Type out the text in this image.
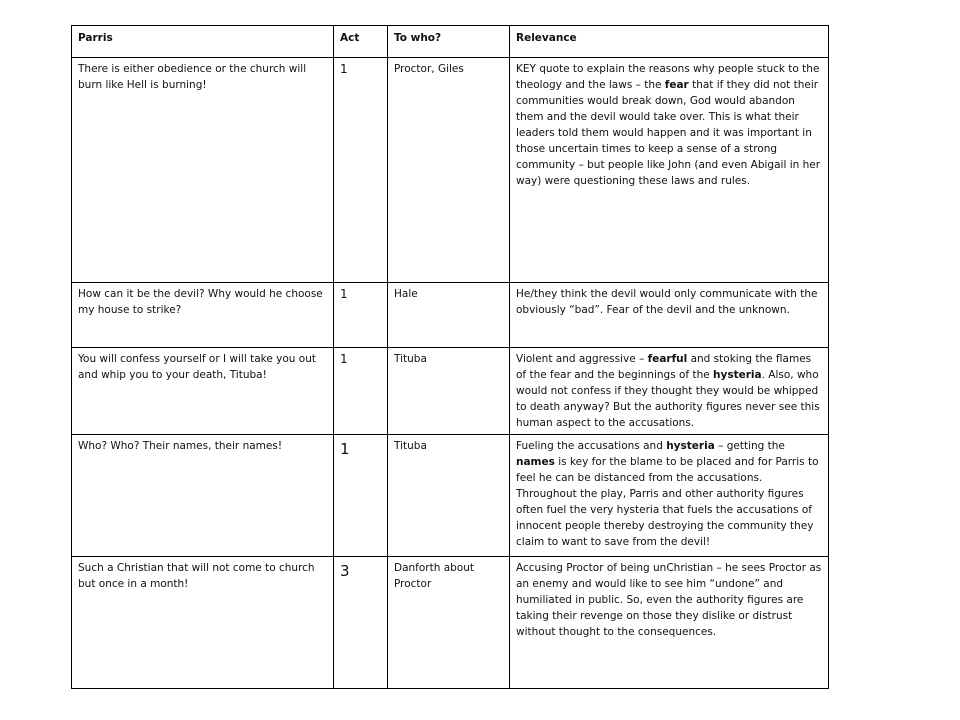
Parris	Act	To who?	Relevance
There is either obedience or the church will burn like Hell is burning!	1	Proctor, Giles	KEY quote to explain the reasons why people stuck to the theology and the laws – the fear that if they did not their communities would break down, God would abandon them and the devil would take over. This is what their leaders told them would happen and it was important in those uncertain times to keep a sense of a strong community – but people like John (and even Abigail in her way) were questioning these laws and rules.
How can it be the devil? Why would he choose my house to strike?	1	Hale	He/they think the devil would only communicate with the obviously “bad”. Fear of the devil and the unknown.
You will confess yourself or I will take you out and whip you to your death, Tituba!	1	Tituba	Violent and aggressive – fearful and stoking the flames of the fear and the beginnings of the hysteria. Also, who would not confess if they thought they would be whipped to death anyway? But the authority figures never see this human aspect to the accusations.
Who? Who? Their names, their names!	1	Tituba	Fueling the accusations and hysteria – getting the names is key for the blame to be placed and for Parris to feel he can be distanced from the accusations. Throughout the play, Parris and other authority figures often fuel the very hysteria that fuels the accusations of innocent people thereby destroying the community they claim to want to save from the devil!
Such a Christian that will not come to church but once in a month!	3	Danforth about Proctor	Accusing Proctor of being unChristian – he sees Proctor as an enemy and would like to see him “undone” and humiliated in public. So, even the authority figures are taking their revenge on those they dislike or distrust without thought to the consequences.
